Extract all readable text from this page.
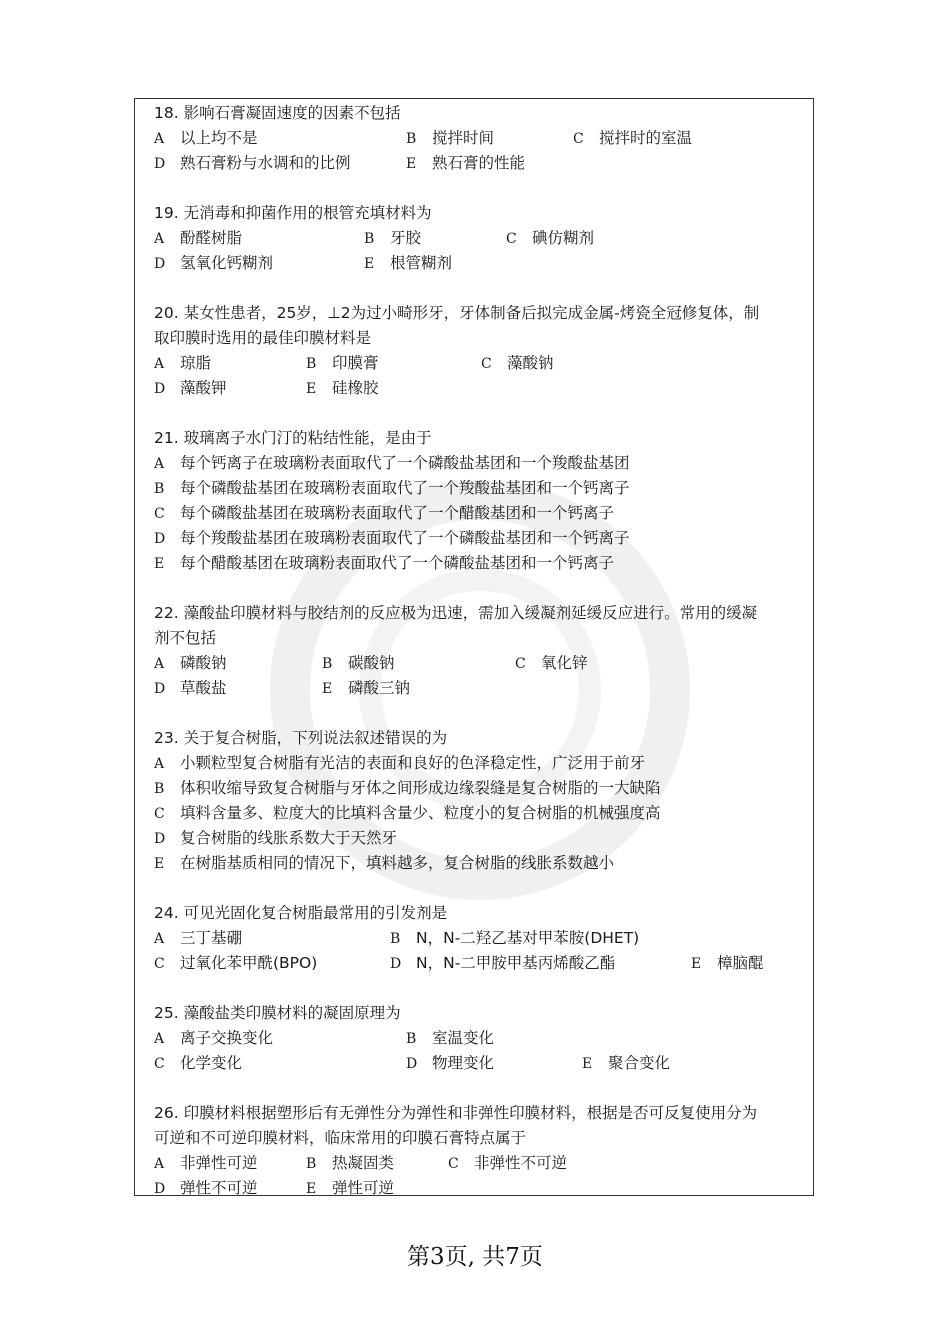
18. 影响石膏凝固速度的因素不包括
A 以上均不是	B 搅拌时间	C 搅拌时的室温
D 熟石膏粉与水调和的比例	E 熟石膏的性能
19. 无消毒和抑菌作用的根管充填材料为
A 酚醛树脂	B 牙胶	C 碘仿糊剂
D 氢氧化钙糊剂	E 根管糊剂
20. 某女性患者，25岁，⊥2为过小畸形牙，牙体制备后拟完成金属-烤瓷全冠修复体，制
取印膜时选用的最佳印膜材料是
A 琼脂	B 印膜膏	C 藻酸钠
D 藻酸钾	E 硅橡胶
21. 玻璃离子水门汀的粘结性能，是由于
A 每个钙离子在玻璃粉表面取代了一个磷酸盐基团和一个羧酸盐基团
B 每个磷酸盐基团在玻璃粉表面取代了一个羧酸盐基团和一个钙离子
C 每个磷酸盐基团在玻璃粉表面取代了一个醋酸基团和一个钙离子
D 每个羧酸盐基团在玻璃粉表面取代了一个磷酸盐基团和一个钙离子
E 每个醋酸基团在玻璃粉表面取代了一个磷酸盐基团和一个钙离子
22. 藻酸盐印膜材料与胶结剂的反应极为迅速，需加入缓凝剂延缓反应进行。常用的缓凝
剂不包括
A 磷酸钠	B 碳酸钠	C 氧化锌
D 草酸盐	E 磷酸三钠
23. 关于复合树脂，下列说法叙述错误的为
A 小颗粒型复合树脂有光洁的表面和良好的色泽稳定性，广泛用于前牙
B 体积收缩导致复合树脂与牙体之间形成边缘裂缝是复合树脂的一大缺陷
C 填料含量多、粒度大的比填料含量少、粒度小的复合树脂的机械强度高
D 复合树脂的线胀系数大于天然牙
E 在树脂基质相同的情况下，填料越多，复合树脂的线胀系数越小
24. 可见光固化复合树脂最常用的引发剂是
A 三丁基硼	B N，N-二羟乙基对甲苯胺(DHET)
C 过氧化苯甲酰(BPO)	D N，N-二甲胺甲基丙烯酸乙酯	E 樟脑醌
25. 藻酸盐类印膜材料的凝固原理为
A 离子交换变化	B 室温变化
C 化学变化	D 物理变化	E 聚合变化
26. 印膜材料根据塑形后有无弹性分为弹性和非弹性印膜材料，根据是否可反复使用分为
可逆和不可逆印膜材料，临床常用的印膜石膏特点属于
A 非弹性可逆	B 热凝固类	C 非弹性不可逆
D 弹性不可逆	E 弹性可逆
第3页, 共7页
